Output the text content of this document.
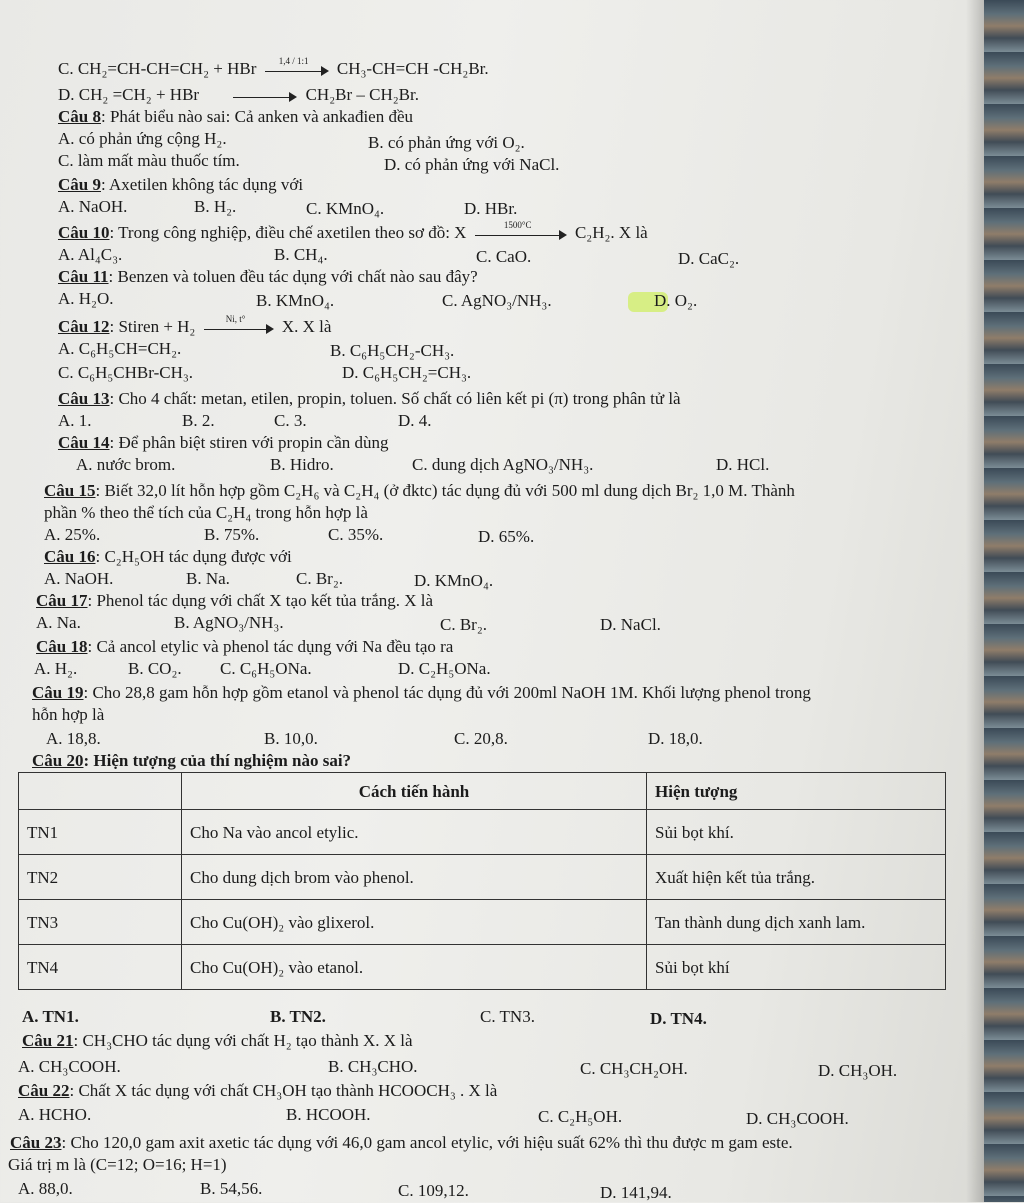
C. CH₂=CH-CH=CH₂ + HBr	1,4 / 1:1	CH₃-CH=CH -CH₂Br.
D. CH₂ =CH₂ + HBr	CH₂Br – CH₂Br.
Câu 8: Phát biểu nào sai: Cả anken và ankađien đều
A. có phản ứng cộng H₂.	B. có phản ứng với O₂.
C. làm mất màu thuốc tím.	D. có phản ứng với NaCl.
Câu 9: Axetilen không tác dụng với
A. NaOH.	B. H₂.	C. KMnO₄.	D. HBr.
Câu 10: Trong công nghiệp, điều chế axetilen theo sơ đồ: X	1500°C	C₂H₂. X là
A. Al₄C₃.	B. CH₄.	C. CaO.	D. CaC₂.
Câu 11: Benzen và toluen đều tác dụng với chất nào sau đây?
A. H₂O.	B. KMnO₄.	C. AgNO₃/NH₃.	D. O₂.
Câu 12: Stiren + H₂	Ni, t°	X. X là
A. C₆H₅CH=CH₂.	B. C₆H₅CH₂-CH₃.
C. C₆H₅CHBr-CH₃.	D. C₆H₅CH₂=CH₃.
Câu 13: Cho 4 chất: metan, etilen, propin, toluen. Số chất có liên kết pi (π) trong phân tử là
A. 1.	B. 2.	C. 3.	D. 4.
Câu 14: Để phân biệt stiren với propin cần dùng
A. nước brom.	B. Hidro.	C. dung dịch AgNO₃/NH₃.	D. HCl.
Câu 15: Biết 32,0 lít hỗn hợp gồm C₂H₆ và C₂H₄ (ở đktc) tác dụng đủ với 500 ml dung dịch Br₂ 1,0 M. Thành
phần % theo thể tích của C₂H₄ trong hỗn hợp là
A. 25%.	B. 75%.	C. 35%.	D. 65%.
Câu 16: C₂H₅OH tác dụng được với
A. NaOH.	B. Na.	C. Br₂.	D. KMnO₄.
Câu 17: Phenol tác dụng với chất X tạo kết tủa trắng. X là
A. Na.	B. AgNO₃/NH₃.	C. Br₂.	D. NaCl.
Câu 18: Cả ancol etylic và phenol tác dụng với Na đều tạo ra
A. H₂.	B. CO₂. C. C₆H₅ONa.	D. C₂H₅ONa.
Câu 19: Cho 28,8 gam hỗn hợp gồm etanol và phenol tác dụng đủ với 200ml NaOH 1M. Khối lượng phenol trong
hỗn hợp là
A. 18,8.	B. 10,0.	C. 20,8.	D. 18,0.
Câu 20: Hiện tượng của thí nghiệm nào sai?
	Cách tiến hành	Hiện tượng
TN1	Cho Na vào ancol etylic.	Sủi bọt khí.
TN2	Cho dung dịch brom vào phenol.	Xuất hiện kết tủa trắng.
TN3	Cho Cu(OH)₂ vào glixerol.	Tan thành dung dịch xanh lam.
TN4	Cho Cu(OH)₂ vào etanol.	Sủi bọt khí
A. TN1.	B. TN2.	C. TN3.	D. TN4.
Câu 21: CH₃CHO tác dụng với chất H₂ tạo thành X. X là
A. CH₃COOH.	B. CH₃CHO.	C. CH₃CH₂OH.	D. CH₃OH.
Câu 22: Chất X tác dụng với chất CH₃OH tạo thành HCOOCH₃ . X là
A. HCHO.	B. HCOOH.	C. C₂H₅OH.	D. CH₃COOH.
Câu 23: Cho 120,0 gam axit axetic tác dụng với 46,0 gam ancol etylic, với hiệu suất 62% thì thu được m gam este.
Giá trị m là (C=12; O=16; H=1)
A. 88,0.	B. 54,56.	C. 109,12.	D. 141,94.
